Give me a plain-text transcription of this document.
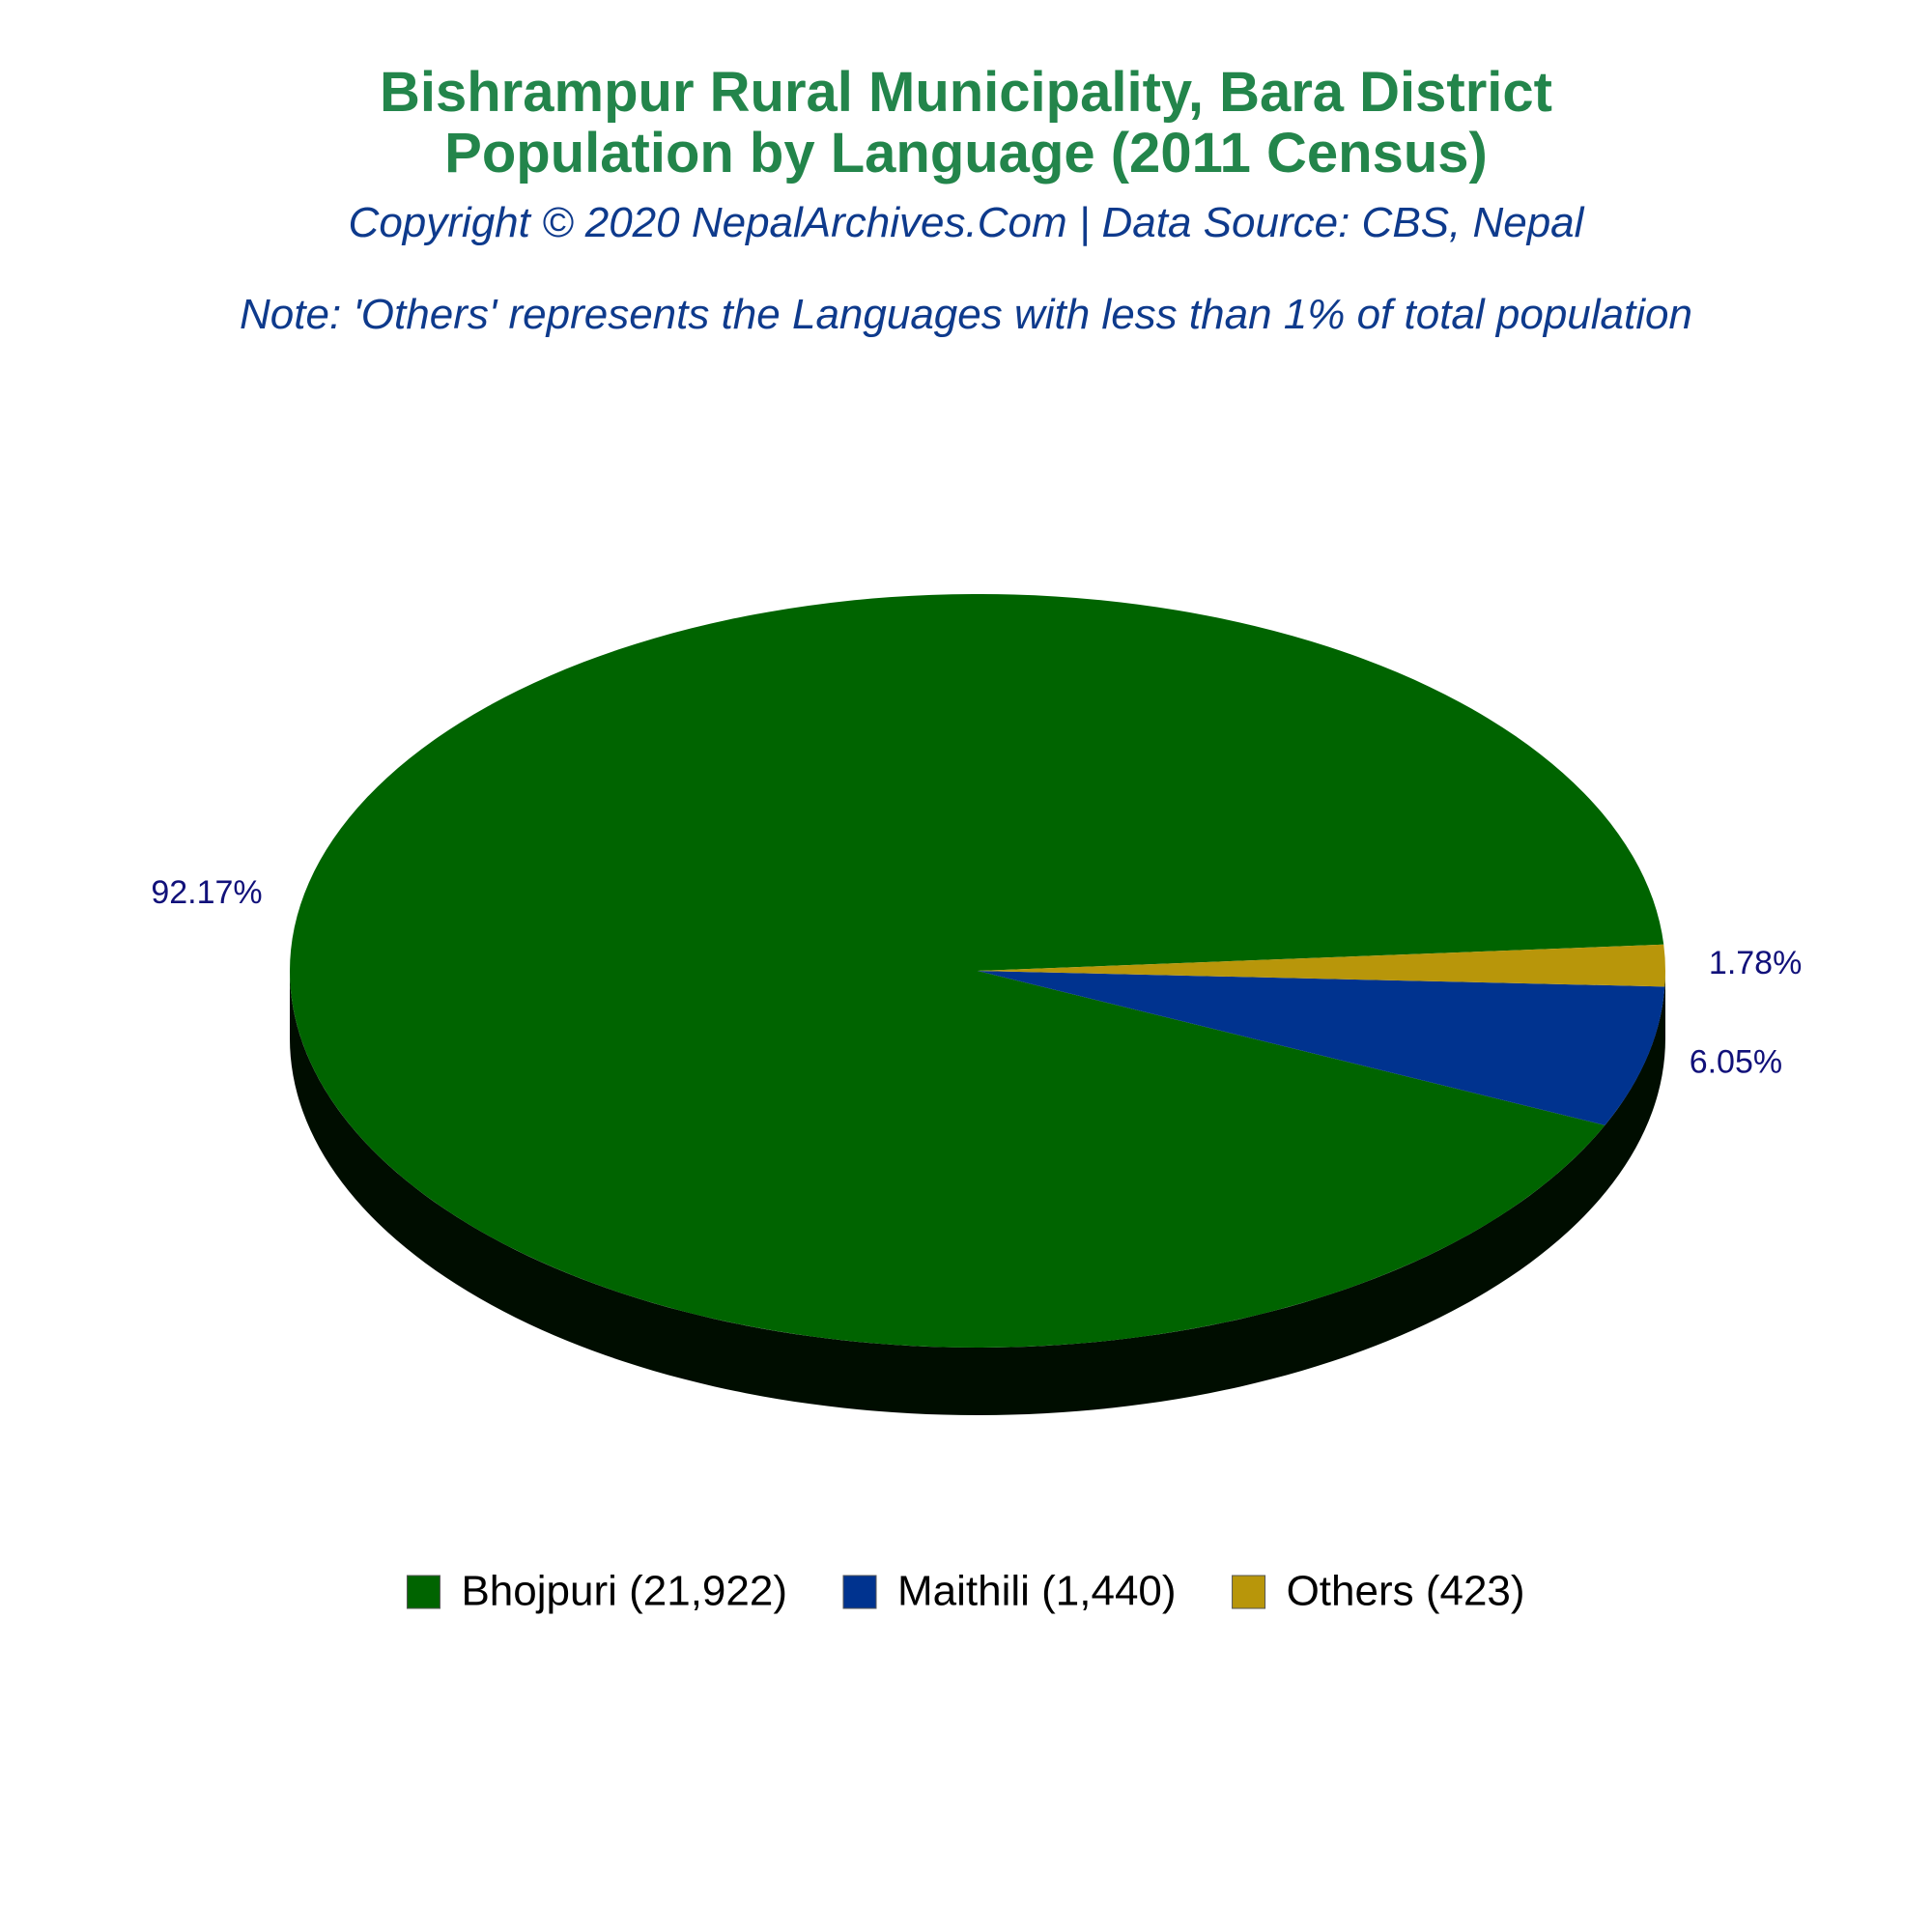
Bishrampur Rural Municipality, Bara District
Population by Language (2011 Census)
Copyright © 2020 NepalArchives.Com | Data Source: CBS, Nepal
Note: 'Others' represents the Languages with less than 1% of total population
92.17%
6.05%
1.78%
Bhojpuri (21,922)	Maithili (1,440)	Others (423)
